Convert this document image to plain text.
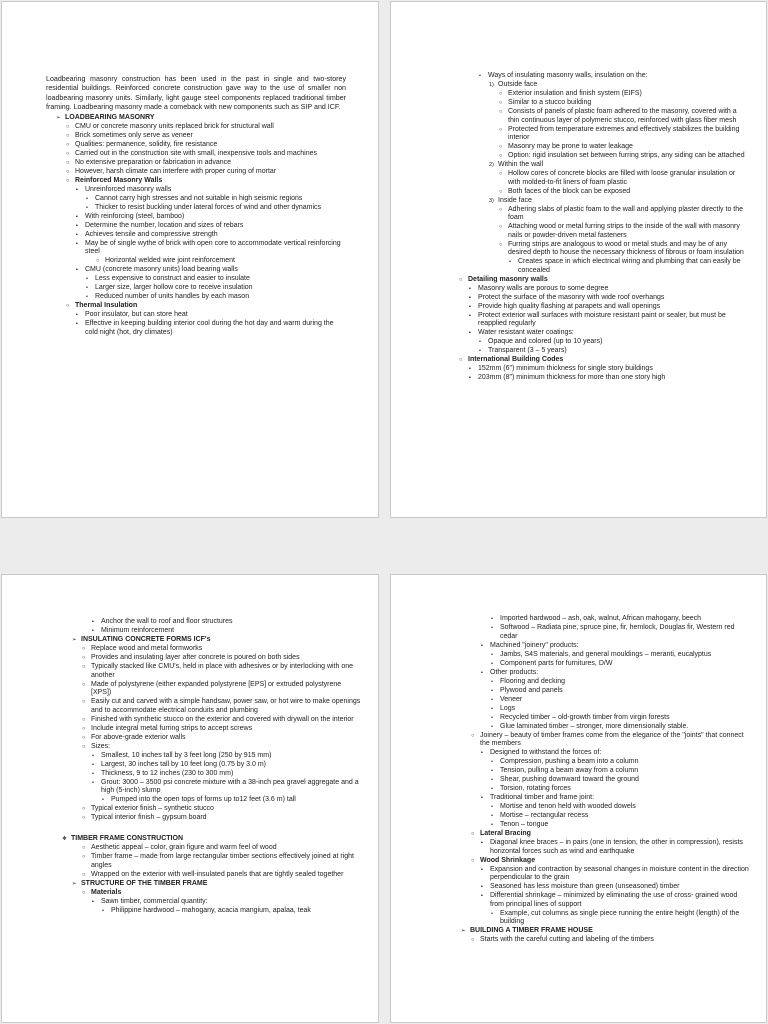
Loadbearing masonry construction has been used in the past in single and two-storey residential buildings. Reinforced concrete construction gave way to the use of smaller non loadbearing masonry units. Similarly, light gauge steel components replaced traditional timber framing. Loadbearing masonry made a comeback with new components such as SIP and ICF.

➢ LOADBEARING MASONRY
○ CMU or concrete masonry units replaced brick for structural wall
○ Brick sometimes only serve as veneer
○ Qualities: permanence, solidity, fire resistance
○ Carried out in the construction site with small, inexpensive tools and machines
○ No extensive preparation or fabrication in advance
○ However, harsh climate can interfere with proper curing of mortar
○ Reinforced Masonry Walls
▪	Unreinforced masonry walls
•	Cannot carry high stresses and not suitable in high seismic regions
•	Thicker to resist buckling under lateral forces of wind and other dynamics
▪	With reinforcing (steel, bamboo)
▪	Determine the number, location and sizes of rebars
▪	Achieves tensile and compressive strength
▪	May be of single wythe of brick with open core to accommodate vertical reinforcing steel
○ Horizontal welded wire joint reinforcement
▪	CMU (concrete masonry units) load bearing walls
•	Less expensive to construct and easier to insulate
•	Larger size, larger hollow core to receive insulation
•	Reduced number of units handles by each mason
○ Thermal Insulation
▪	Poor insulator, but can store heat
▪	Effective in keeping building interior cool during the hot day and warm during the cold night (hot, dry climates)
•	Ways of insulating masonry walls, insulation on the:
1) Outside face
○ Exterior insulation and finish system (EIFS)
○ Similar to a stucco building
○ Consists of panels of plastic foam adhered to the masonry, covered with a thin continuous layer of polymeric stucco, reinforced with glass fiber mesh
○ Protected from temperature extremes and effectively stabilizes the building interior
○ Masonry may be prone to water leakage
○ Option: rigid insulation set between furring strips, any siding can be attached
2) Within the wall
○ Hollow cores of concrete blocks are filled with loose granular insulation or with molded-to-fit liners of foam plastic
○ Both faces of the block can be exposed
3) Inside face
○ Adhering slabs of plastic foam to the wall and applying plaster directly to the foam
○ Attaching wood or metal furring strips to the inside of the wall with masonry nails or powder-driven metal fasteners
○ Furring strips are analogous to wood or metal studs and may be of any desired depth to house the necessary thickness of fibrous or foam insulation
•	Creates space in which electrical wiring and plumbing that can easily be concealed
○ Detailing masonry walls
▪	Masonry walls are porous to some degree
▪	Protect the surface of the masonry with wide roof overhangs
▪	Provide high quality flashing at parapets and wall openings
▪	Protect exterior wall surfaces with moisture resistant paint or sealer, but must be reapplied regularly
▪	Water resistant water coatings:
•	Opaque and colored (up to 10 years)
•	Transparent (3 – 5 years)
○ International Building Codes
▪	152mm (6") minimum thickness for single story buildings
▪	203mm (8") minimum thickness for more than one story high
▪	Anchor the wall to roof and floor structures
▪	Minimum reinforcement
➢ INSULATING CONCRETE FORMS ICF's
○ Replace wood and metal formworks
○ Provides and insulating layer after concrete is poured on both sides
○ Typically stacked like CMU's, held in place with adhesives or by interlocking with one another
○ Made of polystyrene (either expanded polystyrene [EPS] or extruded polystyrene [XPS])
○ Easily cut and carved with a simple handsaw, power saw, or hot wire to make openings and to accommodate electrical conduits and plumbing
○ Finished with synthetic stucco on the exterior and covered with drywall on the interior
○ Include integral metal furring strips to accept screws
○ For above-grade exterior walls
○ Sizes:
•	Smallest, 10 inches tall by 3 feet long (250 by 915 mm)
•	Largest, 30 inches tall by 10 feet long (0.75 by 3.0 m)
•	Thickness, 9 to 12 inches (230 to 300 mm)
•	Grout: 3000 – 3500 psi concrete mixture with a 38-inch pea gravel aggregate and a high (5-inch) slump
•	Pumped into the open tops of forms up to12 feet (3.6 m) tall
○ Typical exterior finish – synthetic stucco
○ Typical interior finish – gypsum board
❖ TIMBER FRAME CONSTRUCTION
○ Aesthetic appeal – color, grain figure and warm feel of wood
○ Timber frame – made from large rectangular timber sections effectively joined at right angles
○ Wrapped on the exterior with well-insulated panels that are tightly sealed together
➢ STRUCTURE OF THE TIMBER FRAME
○ Materials
▪	Sawn timber, commercial quantity:
•	Philippine hardwood – mahogany, acacia mangium, apalaa, teak
•	Imported hardwood – ash, oak, walnut, African mahogany, beech
•	Softwood – Radiata pine, spruce pine, fir, hemlock, Douglas fir, Western red cedar
▪	Machined "joinery" products:
•	Jambs, S4S materials, and general mouldings – meranti, eucalyptus
•	Component parts for furnitures, D/W
▪	Other products:
•	Flooring and decking
•	Plywood and panels
•	Veneer
•	Logs
•	Recycled timber – old-growth timber from virgin forests
•	Glue laminated timber – stronger, more dimensionally stable.
○ Joinery – beauty of timber frames come from the elegance of the "joints" that connect the members
▪	Designed to withstand the forces of:
•	Compression, pushing a beam into a column
•	Tension, pulling a beam away from a column
•	Shear, pushing downward toward the ground
•	Torsion, rotating forces
▪	Traditional timber and frame joint:
•	Mortise and tenon held with wooded dowels
•	Mortise – rectangular recess
•	Tenon – tongue
○ Lateral Bracing
▪	Diagonal knee braces – in pairs (one in tension, the other in compression), resists horizontal forces such as wind and earthquake
○ Wood Shrinkage
▪	Expansion and contraction by seasonal changes in moisture content in the direction perpendicular to the grain
▪	Seasoned has less moisture than green (unseasoned) timber
▪	Differential shrinkage – minimized by eliminating the use of cross- grained wood from principal lines of support
•	Example, cut columns as single piece running the entire height (length) of the building
➢ BUILDING A TIMBER FRAME HOUSE
○ Starts with the careful cutting and labeling of the timbers
